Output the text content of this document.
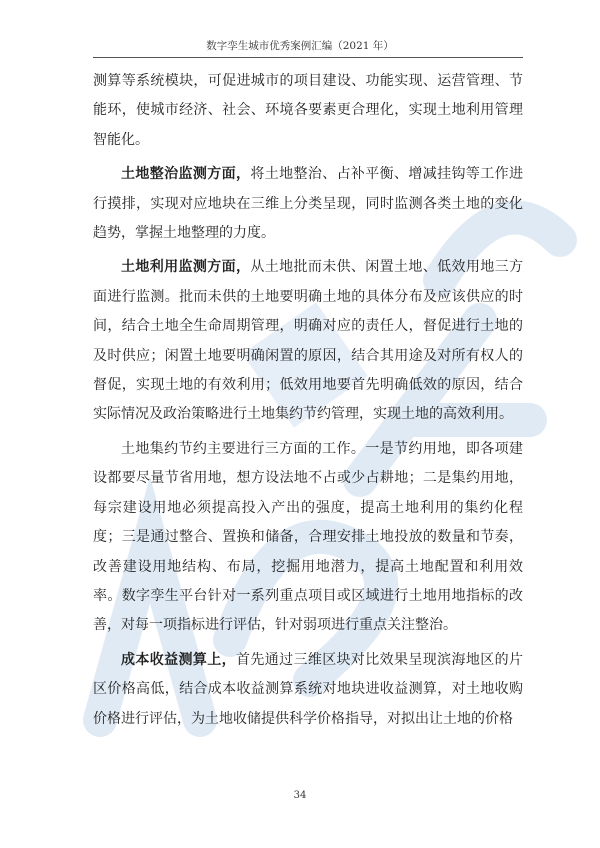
数字孪生城市优秀案例汇编（2021 年）

测算等系统模块，可促进城市的项目建设、功能实现、运营管理、节能环，使城市经济、社会、环境各要素更合理化，实现土地利用管理智能化。

土地整治监测方面，将土地整治、占补平衡、增减挂钩等工作进行摸排，实现对应地块在三维上分类呈现，同时监测各类土地的变化趋势，掌握土地整理的力度。

土地利用监测方面，从土地批而未供、闲置土地、低效用地三方面进行监测。批而未供的土地要明确土地的具体分布及应该供应的时间，结合土地全生命周期管理，明确对应的责任人，督促进行土地的及时供应；闲置土地要明确闲置的原因，结合其用途及对所有权人的督促，实现土地的有效利用；低效用地要首先明确低效的原因，结合实际情况及政治策略进行土地集约节约管理，实现土地的高效利用。

土地集约节约主要进行三方面的工作。一是节约用地，即各项建设都要尽量节省用地，想方设法地不占或少占耕地；二是集约用地，每宗建设用地必须提高投入产出的强度，提高土地利用的集约化程度；三是通过整合、置换和储备，合理安排土地投放的数量和节奏，改善建设用地结构、布局，挖掘用地潜力，提高土地配置和利用效率。数字孪生平台针对一系列重点项目或区域进行土地用地指标的改善，对每一项指标进行评估，针对弱项进行重点关注整治。

成本收益测算上，首先通过三维区块对比效果呈现滨海地区的片区价格高低，结合成本收益测算系统对地块进收益测算，对土地收购价格进行评估，为土地收储提供科学价格指导，对拟出让土地的价格

34
